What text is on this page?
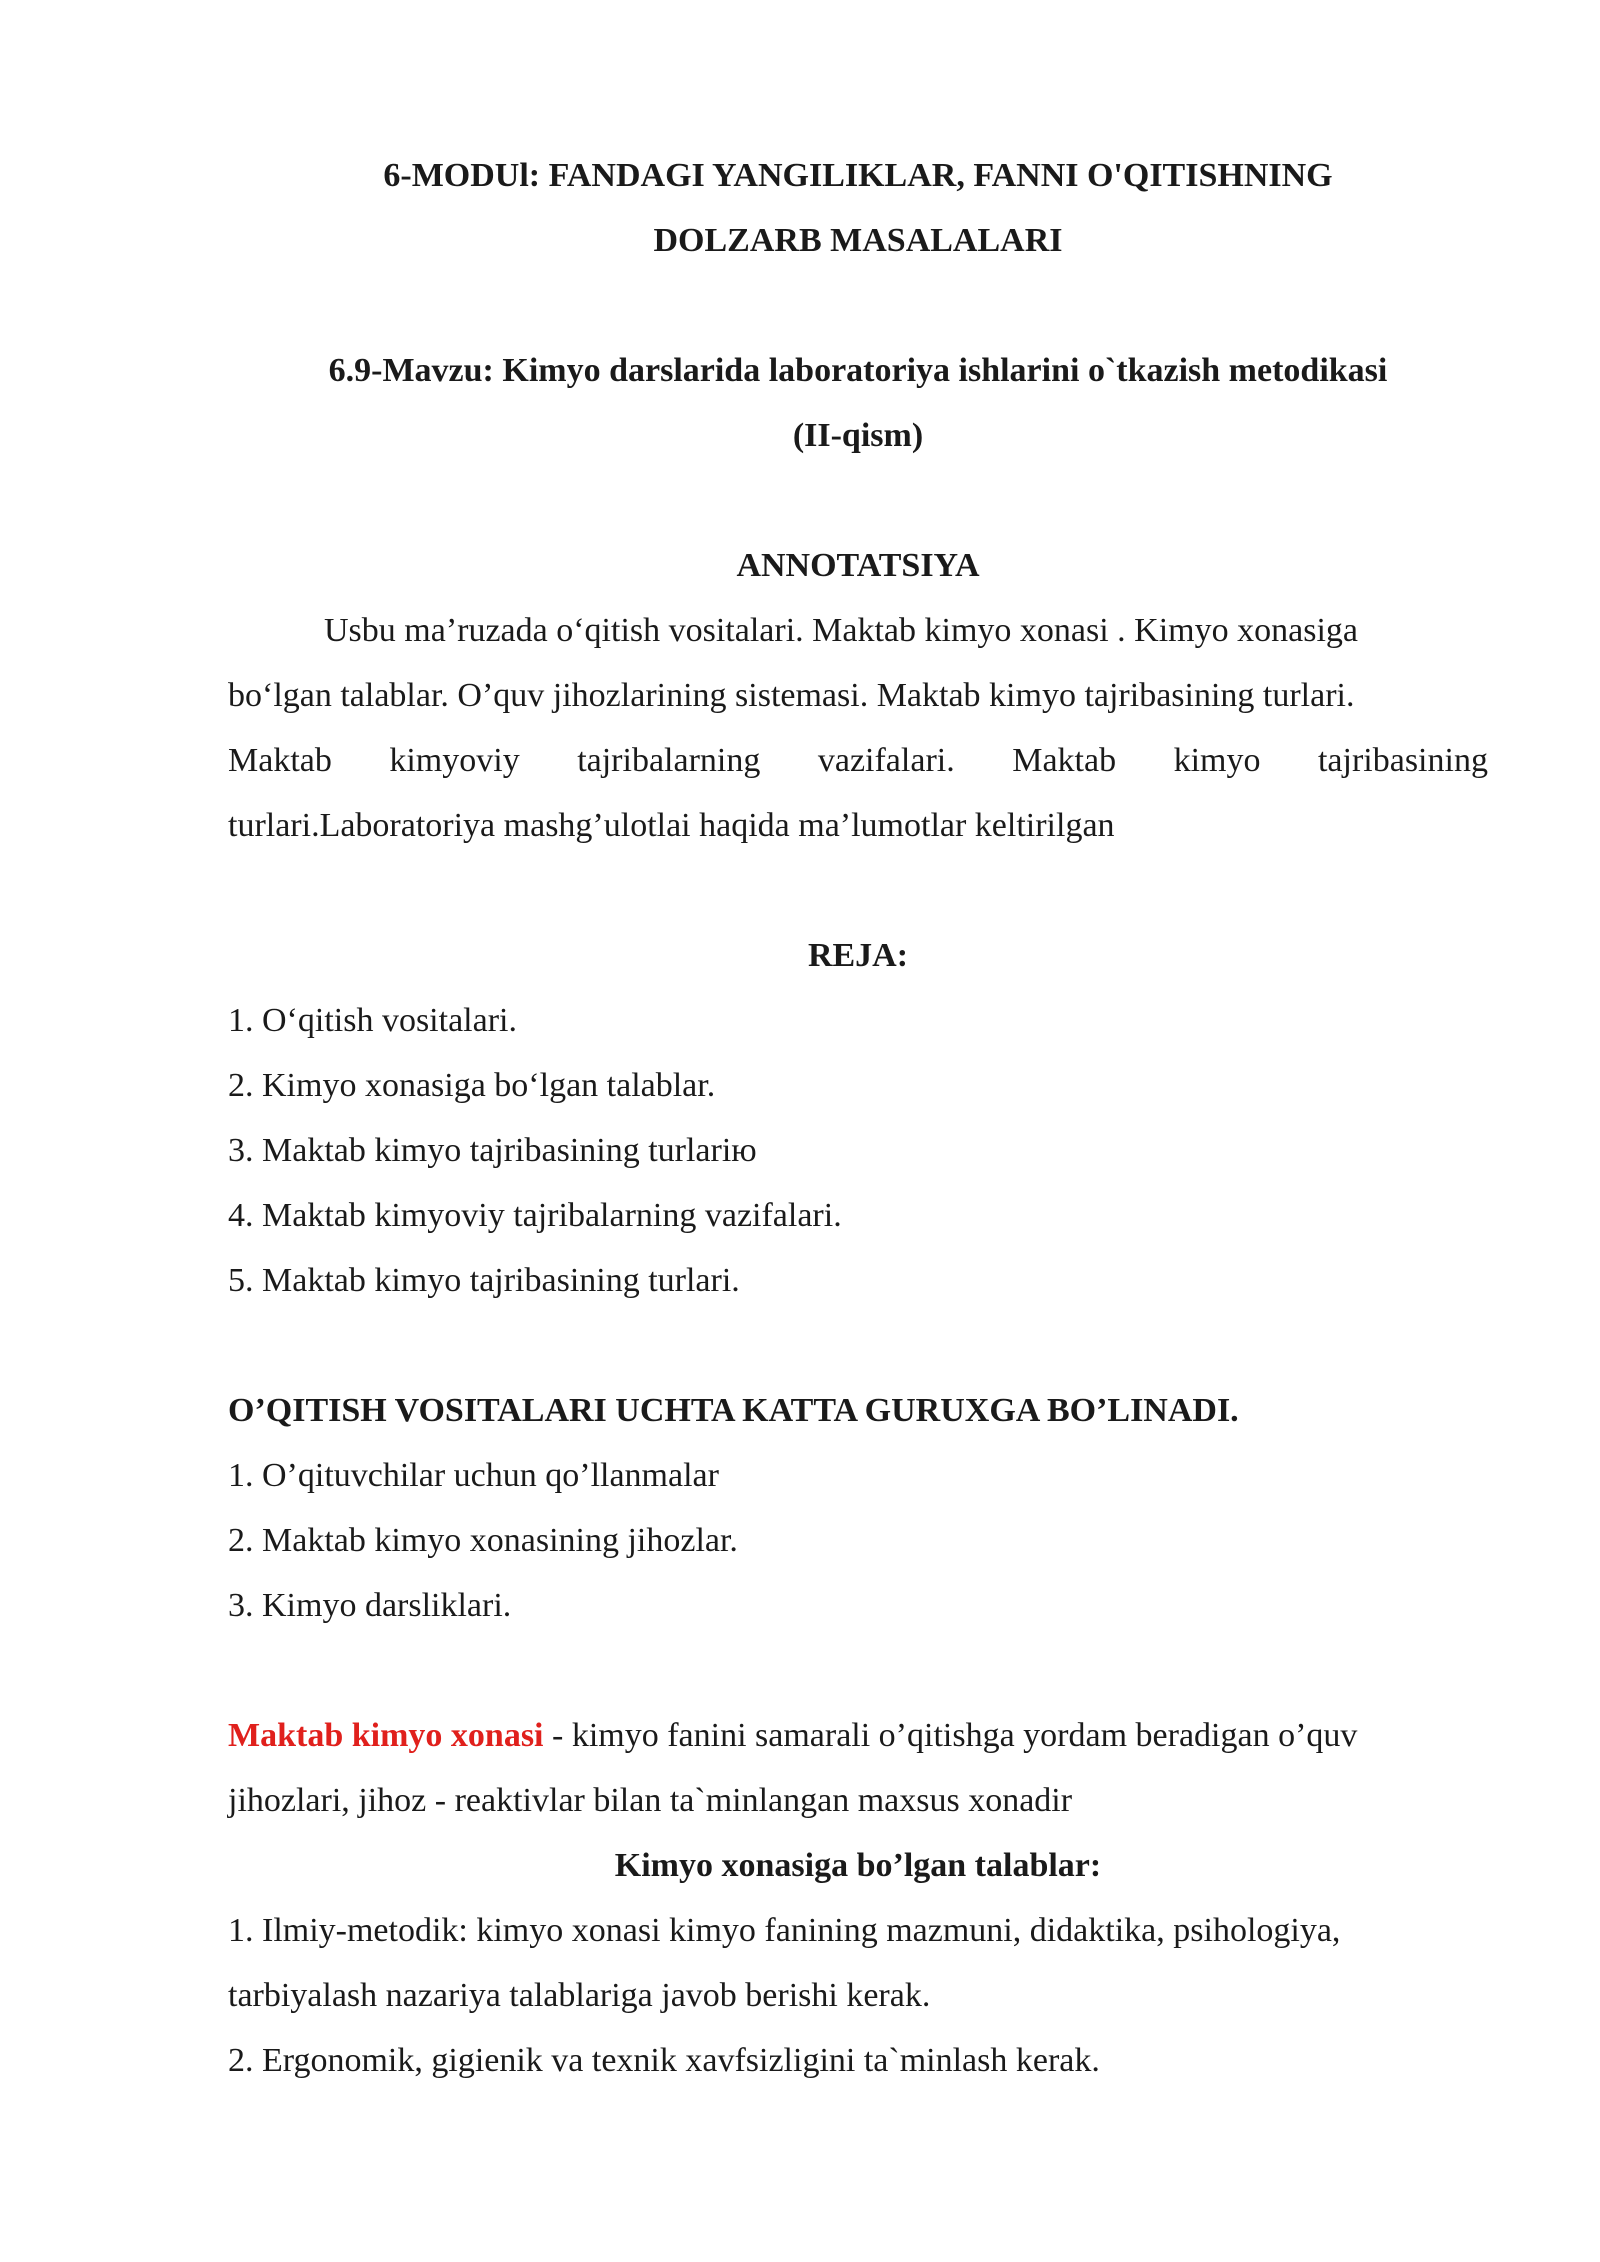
6-MODUl: FANDAGI YANGILIKLAR, FANNI O'QITISHNING
DOLZARB MASALALARI
6.9-Mavzu: Kimyo darslarida laboratoriya ishlarini o`tkazish metodikasi
(II-qism)
ANNOTATSIYA
Usbu ma’ruzada o‘qitish vositalari. Maktab kimyo xonasi . Kimyo xonasiga
bo‘lgan talablar. O’quv jihozlarining sistemasi. Maktab kimyo tajribasining turlari.
Maktab kimyoviy tajribalarning vazifalari. Maktab kimyo tajribasining
turlari.Laboratoriya mashg’ulotlai haqida ma’lumotlar keltirilgan
REJA:
1. O‘qitish vositalari.
2. Kimyo xonasiga bo‘lgan talablar.
3. Maktab kimyo tajribasining turlariю
4. Maktab kimyoviy tajribalarning vazifalari.
5. Maktab kimyo tajribasining turlari.
O’QITISH VOSITALARI UCHTA KATTA GURUXGA BO’LINADI.
1. O’qituvchilar uchun qo’llanmalar
2. Maktab kimyo xonasining jihozlar.
3. Kimyo darsliklari.
Maktab kimyo xonasi - kimyo fanini samarali o’qitishga yordam beradigan o’quv
jihozlari, jihoz - reaktivlar bilan ta`minlangan maxsus xonadir
Kimyo xonasiga bo’lgan talablar:
1. Ilmiy-metodik: kimyo xonasi kimyo fanining mazmuni, didaktika, psihologiya,
tarbiyalash nazariya talablariga javob berishi kerak.
2. Ergonomik, gigienik va texnik xavfsizligini ta`minlash kerak.
